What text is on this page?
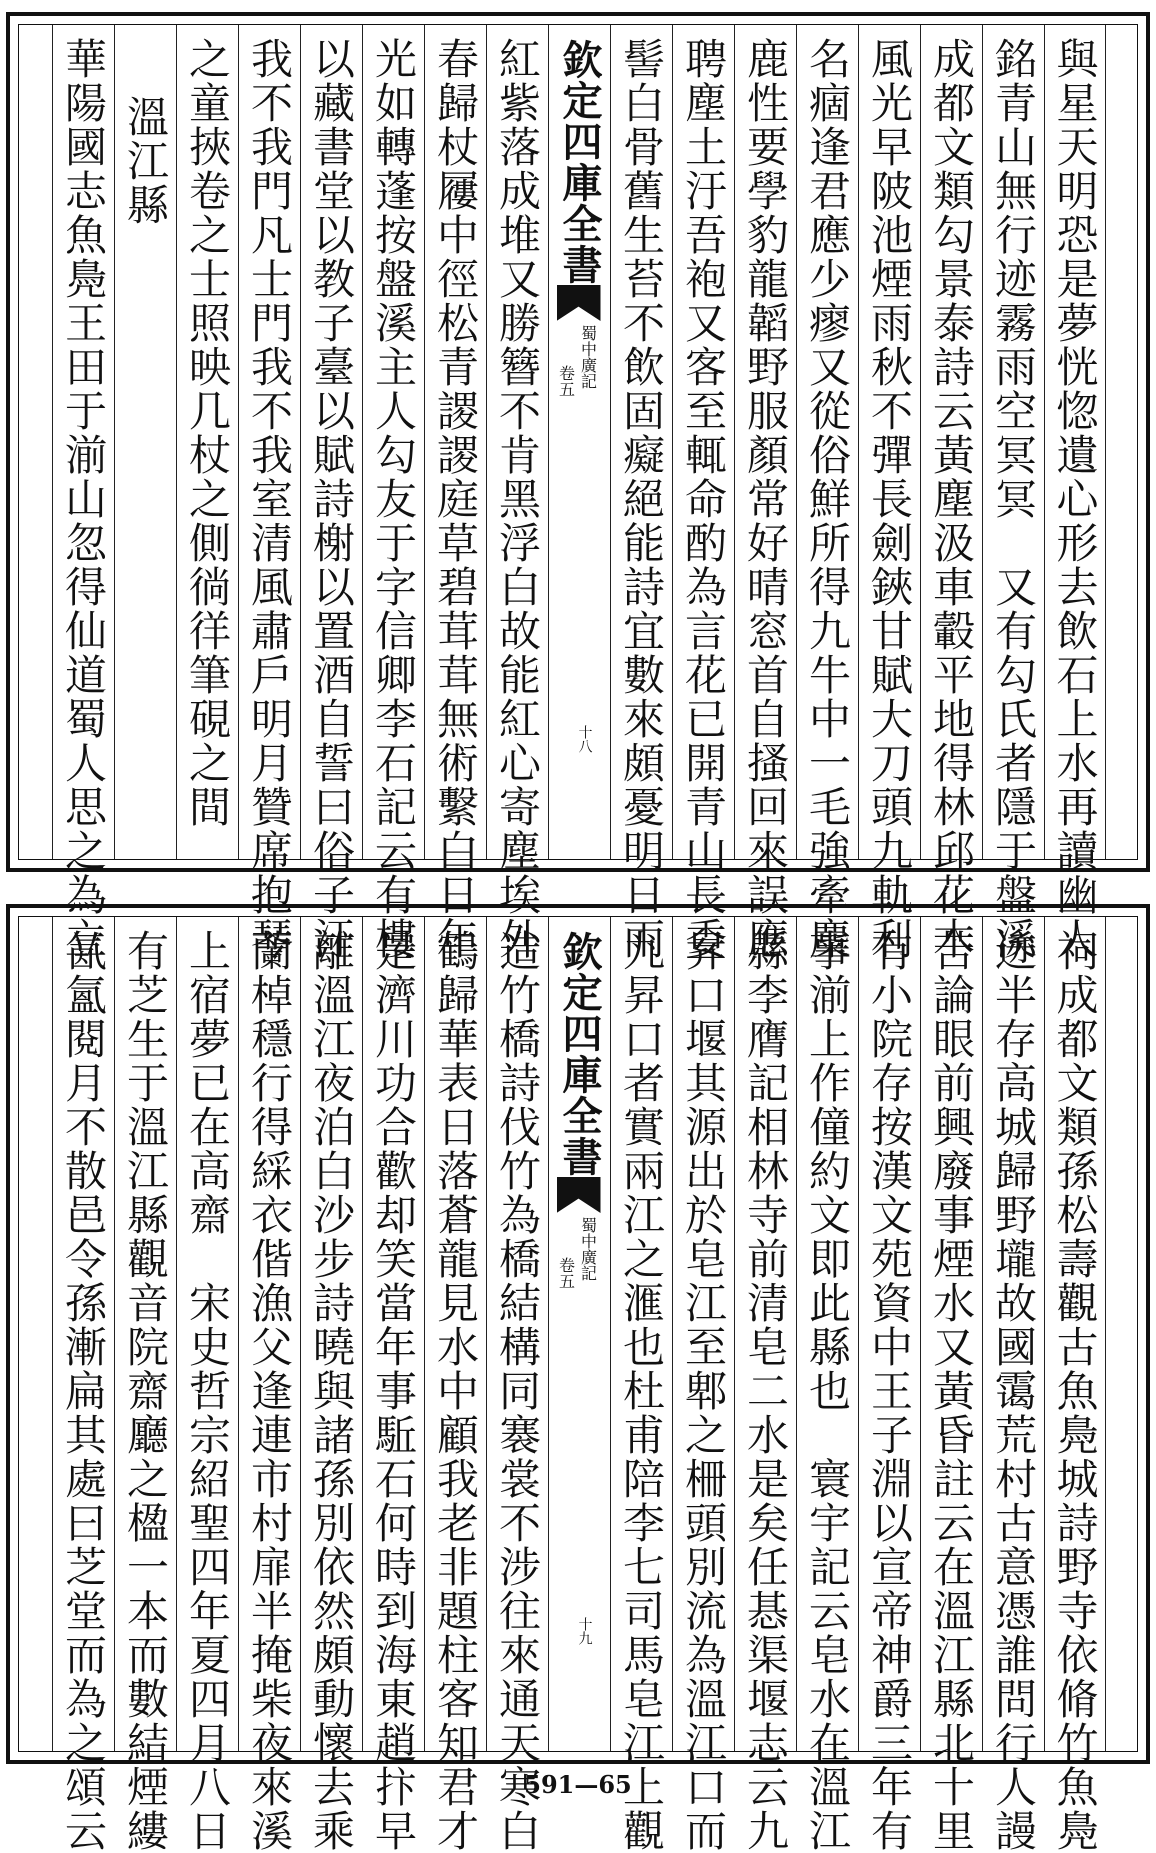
與星天明恐是夢恍惚遺心形去飲石上水再讀幽人
銘青山無行迹霧雨空冥冥　又有勾氏者隱于盤溪
成都文類勾景泰詩云黃塵汲車轂平地得林邱花木
風光早陂池煙雨秋不彈長劍鋏甘賦大刀頭九軌利
名痼逢君應少瘳又從俗鮮所得九牛中一毛強牽麋
鹿性要學豹龍韜野服顏常好晴窓首自搔回來誤應
聘塵土汙吾袍又客至輒命酌為言花已開青山長委
髻白骨舊生苔不飲固癡絕能詩宜數來頗憂明日雨
欽定四庫全書
蜀中廣記
卷五
十八
紅紫落成堆又勝簪不肯黑浮白故能紅心寄塵埃外
春歸杖屨中徑松青謖謖庭草碧茸茸無術繫白日年
光如轉蓬按盤溪主人勾友于字信卿李石記云有樓
以藏書堂以教子臺以賦詩榭以置酒自誓曰俗子汙
我不我門凡士門我不我室清風肅戶明月贊席抱琴
之童挾卷之士照映几杖之側徜徉筆硯之間
溫江縣
華陽國志魚鳧王田于湔山忽得仙道蜀人思之為立
祠成都文類孫松壽觀古魚鳧城詩野寺依脩竹魚鳧
迹半存高城歸野壠故國霭荒村古意憑誰問行人謾
苦論眼前興廢事煙水又黃昏註云在溫江縣北十里
有小院存按漢文苑資中王子淵以宣帝神爵三年有
事湔上作僮約文即此縣也　寰宇記云皂水在溫江
縣李膺記相林寺前清皂二水是矣任惎渠堰志云九
昇口堰其源出於皂江至郫之柵頭別流為溫江口而
九昇口者實兩江之滙也杜甫陪李七司馬皂江上觀
欽定四庫全書
蜀中廣記
卷五
十九
造竹橋詩伐竹為橋結構同褰裳不涉往來通天寒白
鶴歸華表日落蒼龍見水中顧我老非題柱客知君才
是濟川功合歡却笑當年事駈石何時到海東趙抃早
離溫江夜泊白沙步詩曉與諸孫別依然頗動懷去乘
蘭棹穩行得綵衣偕漁父逢連市村扉半掩柴夜來溪
上宿夢已在高齋　宋史哲宗紹聖四年夏四月八日
有芝生于溫江縣觀音院齋廳之楹一本而數結煙縷
氤氳閱月不散邑令孫漸扁其處曰芝堂而為之頌云	591—65
